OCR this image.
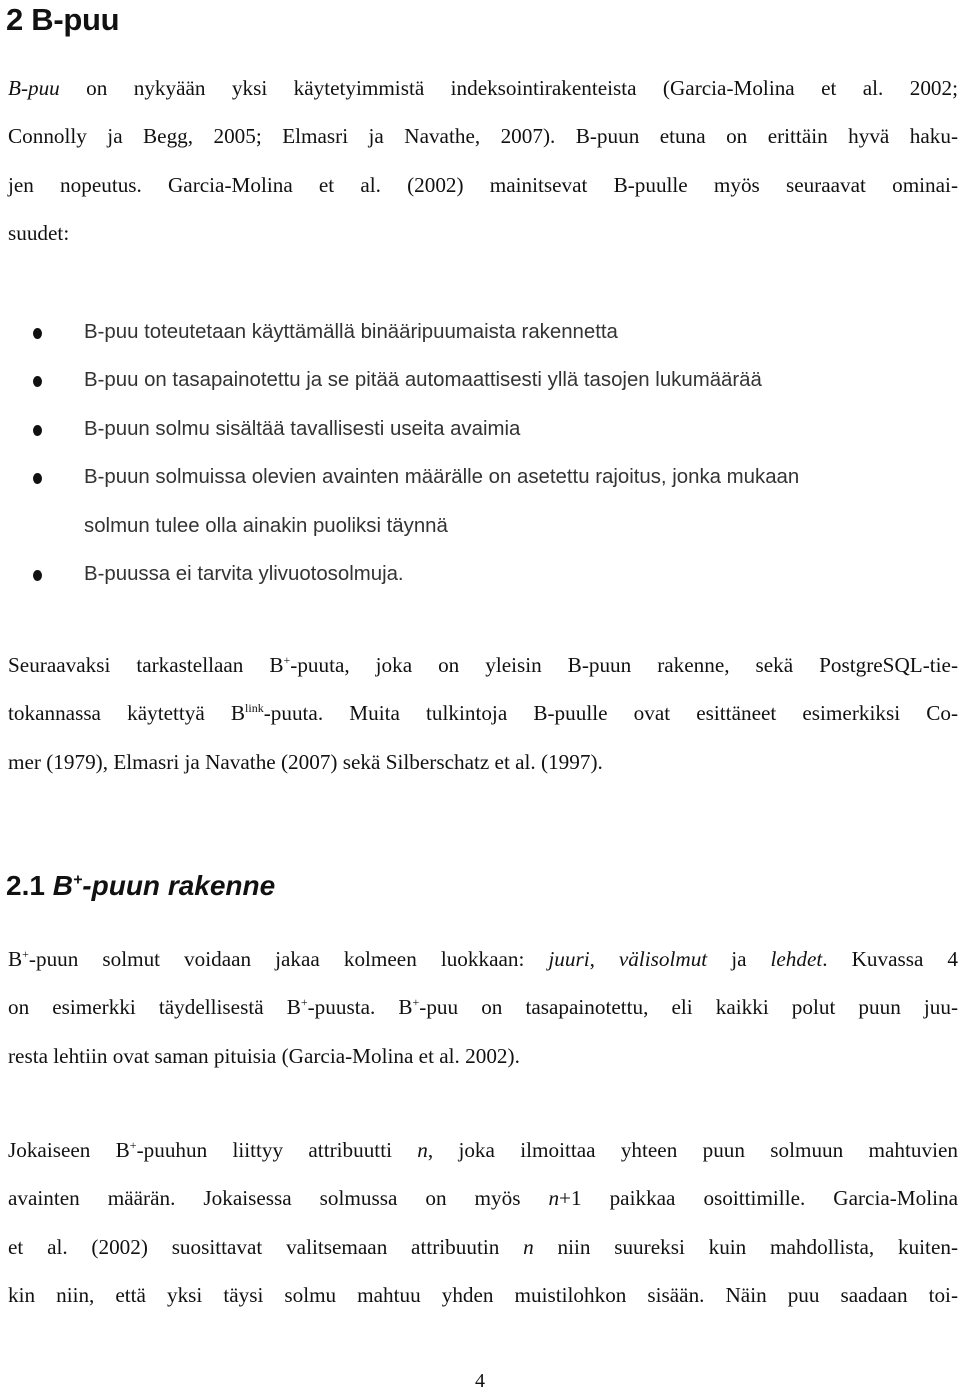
2 B-puu

B-puu on nykyään yksi käytetyimmistä indeksointirakenteista (Garcia-Molina et al. 2002;
Connolly ja Begg, 2005; Elmasri ja Navathe, 2007). B-puun etuna on erittäin hyvä haku-
jen nopeutus. Garcia-Molina et al. (2002) mainitsevat B-puulle myös seuraavat ominai-
suudet:

B-puu toteutetaan käyttämällä binääripuumaista rakennetta
B-puu on tasapainotettu ja se pitää automaattisesti yllä tasojen lukumäärää
B-puun solmu sisältää tavallisesti useita avaimia
B-puun solmuissa olevien avainten määrälle on asetettu rajoitus, jonka mukaan
solmun tulee olla ainakin puoliksi täynnä
B-puussa ei tarvita ylivuotosolmuja.

Seuraavaksi tarkastellaan B+-puuta, joka on yleisin B-puun rakenne, sekä PostgreSQL-tie-
tokannassa käytettyä $B^{link}$-puuta. Muita tulkintoja B-puulle ovat esittäneet esimerkiksi Co-
mer (1979), Elmasri ja Navathe (2007) sekä Silberschatz et al. (1997).

2.1 B+-puun rakenne

B+-puun solmut voidaan jakaa kolmeen luokkaan: juuri, välisolmut ja lehdet. Kuvassa 4
on esimerkki täydellisestä B+-puusta. B+-puu on tasapainotettu, eli kaikki polut puun juu-
resta lehtiin ovat saman pituisia (Garcia-Molina et al. 2002).

Jokaiseen B+-puuhun liittyy attribuutti n, joka ilmoittaa yhteen puun solmuun mahtuvien
avainten määrän. Jokaisessa solmussa on myös n+1 paikkaa osoittimille. Garcia-Molina
et al. (2002) suosittavat valitsemaan attribuutin n niin suureksi kuin mahdollista, kuiten-
kin niin, että yksi täysi solmu mahtuu yhden muistilohkon sisään. Näin puu saadaan toi-

4
